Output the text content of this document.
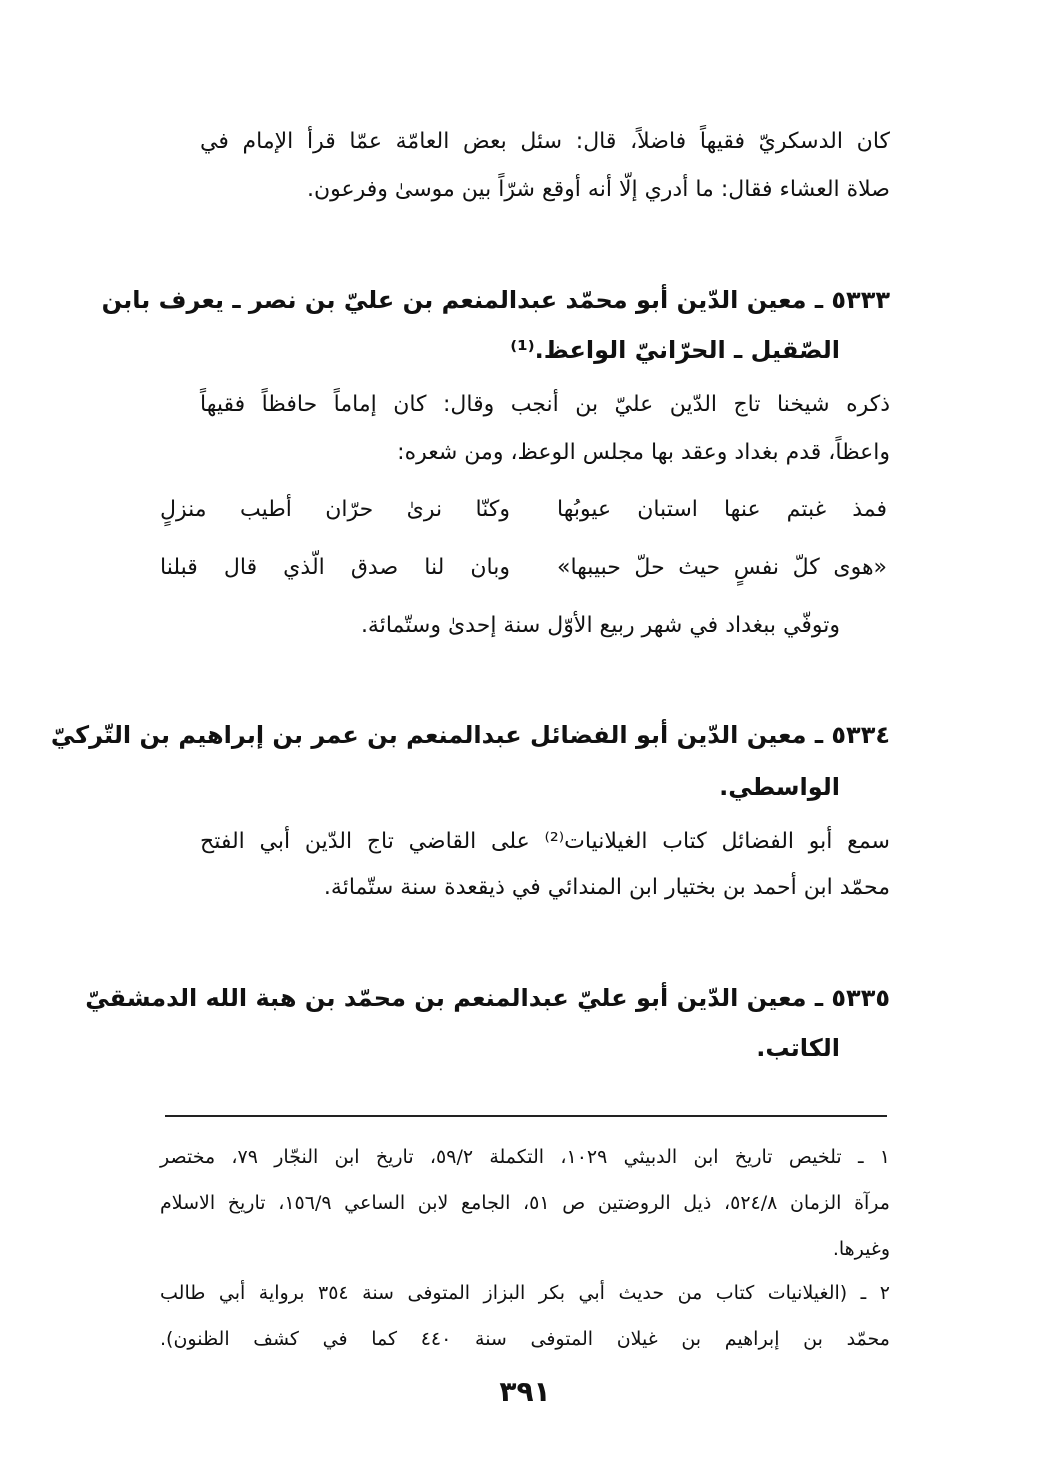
كان الدسكريّ فقيهاً فاضلاً، قال: سئل بعض العامّة عمّا قرأ الإمام في
صلاة العشاء فقال: ما أدري إلّا أنه أوقع شرّاً بين موسىٰ وفرعون.
٥٣٣٣ ـ معين الدّين أبو محمّد عبدالمنعم بن عليّ بن نصر ـ يعرف بابن
الصّقيل ـ الحرّانيّ الواعظ.⁽¹⁾
ذكره شيخنا تاج الدّين عليّ بن أنجب وقال: كان إماماً حافظاً فقيهاً
واعظاً، قدم بغداد وعقد بها مجلس الوعظ، ومن شعره:
وكنّا نرىٰ حرّان أطيب منزلٍ فمذ غبتم عنها استبان عيوبُها
وبان لنا صدق الّذي قال قبلنا «هوى كلّ نفسٍ حيث حلّ حبيبها»
وتوفّي ببغداد في شهر ربيع الأوّل سنة إحدىٰ وستّمائة.
٥٣٣٤ ـ معين الدّين أبو الفضائل عبدالمنعم بن عمر بن إبراهيم بن التّركيّ
الواسطي.
سمع أبو الفضائل كتاب الغيلانيات⁽²⁾ على القاضي تاج الدّين أبي الفتح
محمّد ابن أحمد بن بختيار ابن المندائي في ذيقعدة سنة ستّمائة.
٥٣٣٥ ـ معين الدّين أبو عليّ عبدالمنعم بن محمّد بن هبة الله الدمشقيّ
الكاتب.
١ ـ تلخيص تاريخ ابن الدبيثي ١٠٢٩، التكملة ٥٩/٢، تاريخ ابن النجّار ٧٩، مختصر
مرآة الزمان ٥٢٤/٨، ذيل الروضتين ص ٥١، الجامع لابن الساعي ١٥٦/٩، تاريخ الاسلام
وغيرها.
٢ ـ (الغيلانيات كتاب من حديث أبي بكر البزاز المتوفى سنة ٣٥٤ برواية أبي طالب
محمّد بن إبراهيم بن غيلان المتوفى سنة ٤٤٠ كما في كشف الظنون).
٣٩١
